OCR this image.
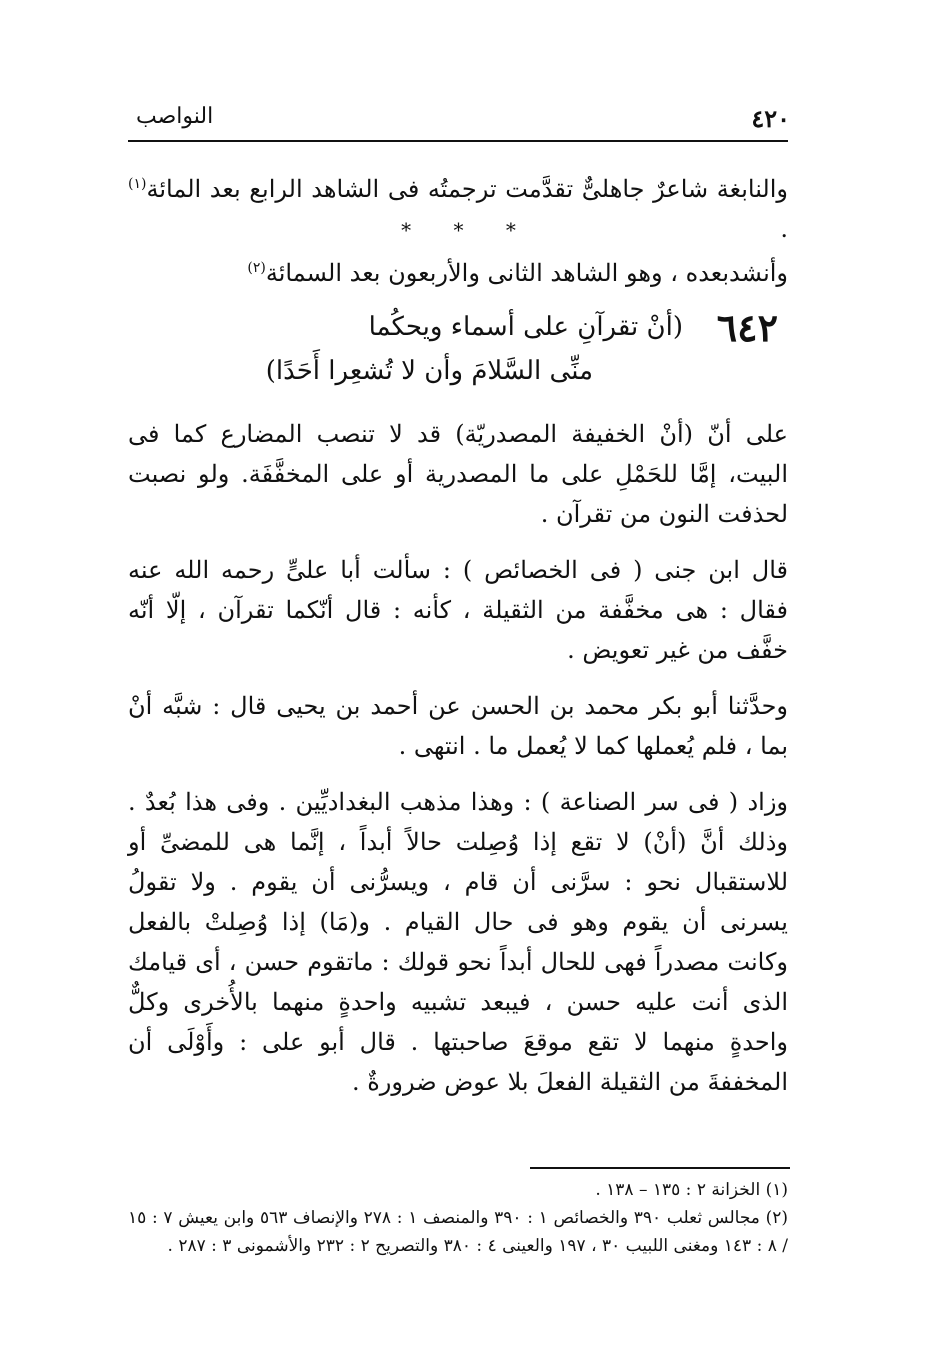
٤٢٠
النواصب

والنابغة شاعرٌ جاهلىٌّ تقدَّمت ترجمتُه فى الشاهد الرابع بعد المائة$^{(١)}$ .

* * *

وأنشدبعده ، وهو الشاهد الثانى والأربعون بعد السمائة$^{(٢)}$

٦٤٢
(أنْ تقرآنِ على أسماء ويحكُما
منِّى السَّلامَ وأن لا تُشعِرا أَحَدًا)

على أنّ (أنْ الخفيفة المصدريّة) قد لا تنصب المضارع كما فى البيت، إمَّا للحَمْلِ على ما المصدرية أو على المخفَّفَة. ولو نصبت لحذفت النون من تقرآن .

قال ابن جنى ( فى الخصائص ) : سألت أبا علىٍّ رحمه الله عنه فقال : هى مخفَّفة من الثقيلة ، كأنه : قال أنّكما تقرآن ، إلّا أنّه خفَّف من غير تعويض .

وحدَّثنا أبو بكر محمد بن الحسن عن أحمد بن يحيى قال : شبَّه أنْ بما ، فلم يُعملها كما لا يُعمل ما . انتهى .

وزاد ( فى سر الصناعة ) : وهذا مذهب البغداديِّين . وفى هذا بُعدٌ . وذلك أنَّ (أنْ) لا تقع إذا وُصِلت حالاً أبداً ، إنَّما هى للمضىِّ أو للاستقبال نحو : سرَّنى أن قام ، ويسرُّنى أن يقوم . ولا تقولُ يسرنى أن يقوم وهو فى حال القيام . و(مَا) إذا وُصِلتْ بالفعل وكانت مصدراً فهى للحال أبداً نحو قولك : ماتقوم حسن ، أى قيامك الذى أنت عليه حسن ، فيبعد تشبيه واحدةٍ منهما بالأُخرى وكلٌّ واحدةٍ منهما لا تقع موقعَ صاحبتها . قال أبو على : وأَوْلَى أن المخففةَ من الثقيلة الفعلَ بلا عوض ضرورةٌ .

(١) الخزانة ٢ : ١٣٥ – ١٣٨ .

(٢) مجالس ثعلب ٣٩٠ والخصائص ١ : ٣٩٠ والمنصف ١ : ٢٧٨ والإنصاف ٥٦٣ وابن يعيش ٧ : ١٥ / ٨ : ١٤٣ ومغنى اللبيب ٣٠ ، ١٩٧ والعينى ٤ : ٣٨٠ والتصريح ٢ : ٢٣٢ والأشمونى ٣ : ٢٨٧ .
